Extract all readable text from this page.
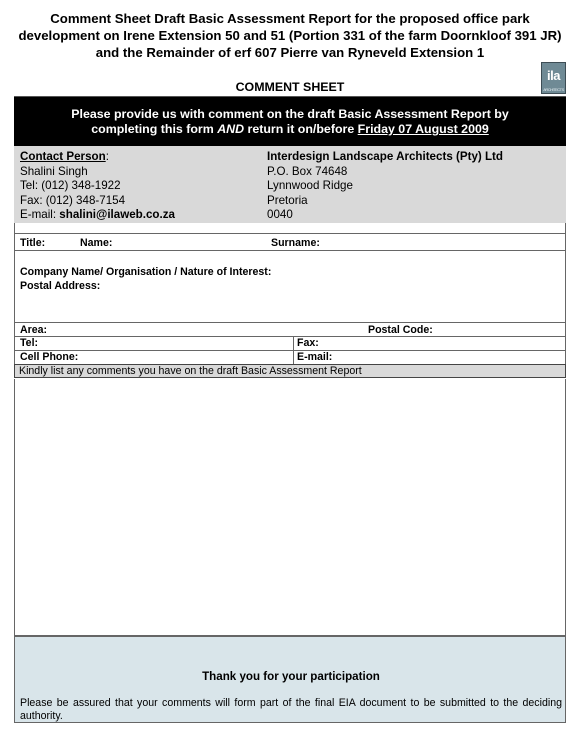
Comment Sheet Draft Basic Assessment Report for the proposed office park development on Irene Extension 50 and 51 (Portion 331 of the farm Doornkloof 391 JR) and the Remainder of erf 607 Pierre van Ryneveld Extension 1
ila
ARCHITECTS
COMMENT SHEET
Please provide us with comment on the draft Basic Assessment Report by
completing this form AND return it on/before Friday 07 August 2009
Contact Person:
Shalini Singh
Tel: (012) 348-1922
Fax: (012) 348-7154
E-mail: shalini@ilaweb.co.za
Interdesign Landscape Architects (Pty) Ltd
P.O. Box 74648
Lynnwood Ridge
Pretoria
0040
Title:	Name:	Surname:
Company Name/ Organisation / Nature of Interest:
Postal Address:
Area:	Postal Code:
Tel:	Fax:
Cell Phone:	E-mail:
Kindly list any comments you have on the draft Basic Assessment Report
Thank you for your participation
Please be assured that your comments will form part of the final EIA document to be submitted to the deciding authority.
